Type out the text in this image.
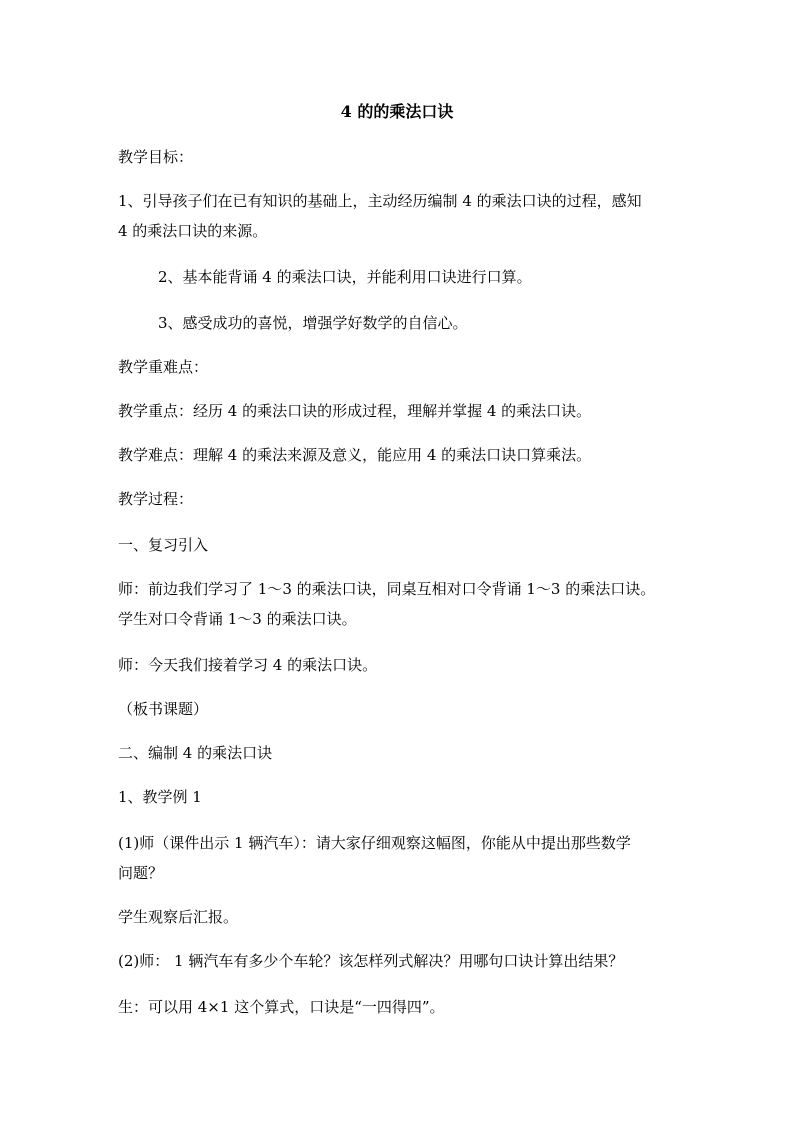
4 的的乘法口诀
教学目标：
1、引导孩子们在已有知识的基础上，主动经历编制 4 的乘法口诀的过程，感知
4 的乘法口诀的来源。
2、基本能背诵 4 的乘法口诀，并能利用口诀进行口算。
3、感受成功的喜悦，增强学好数学的自信心。
教学重难点：
教学重点：经历 4 的乘法口诀的形成过程，理解并掌握 4 的乘法口诀。
教学难点：理解 4 的乘法来源及意义，能应用 4 的乘法口诀口算乘法。
教学过程：
一、复习引入
师：前边我们学习了 1～3 的乘法口诀，同桌互相对口令背诵 1～3 的乘法口诀。
学生对口令背诵 1～3 的乘法口诀。
师：今天我们接着学习 4 的乘法口诀。
（板书课题）
二、编制 4 的乘法口诀
1、教学例 1
(1)师（课件出示 1 辆汽车）：请大家仔细观察这幅图，你能从中提出那些数学
问题？
学生观察后汇报。
(2)师： 1 辆汽车有多少个车轮？该怎样列式解决？用哪句口诀计算出结果？
生：可以用 4×1 这个算式，口诀是“一四得四”。
